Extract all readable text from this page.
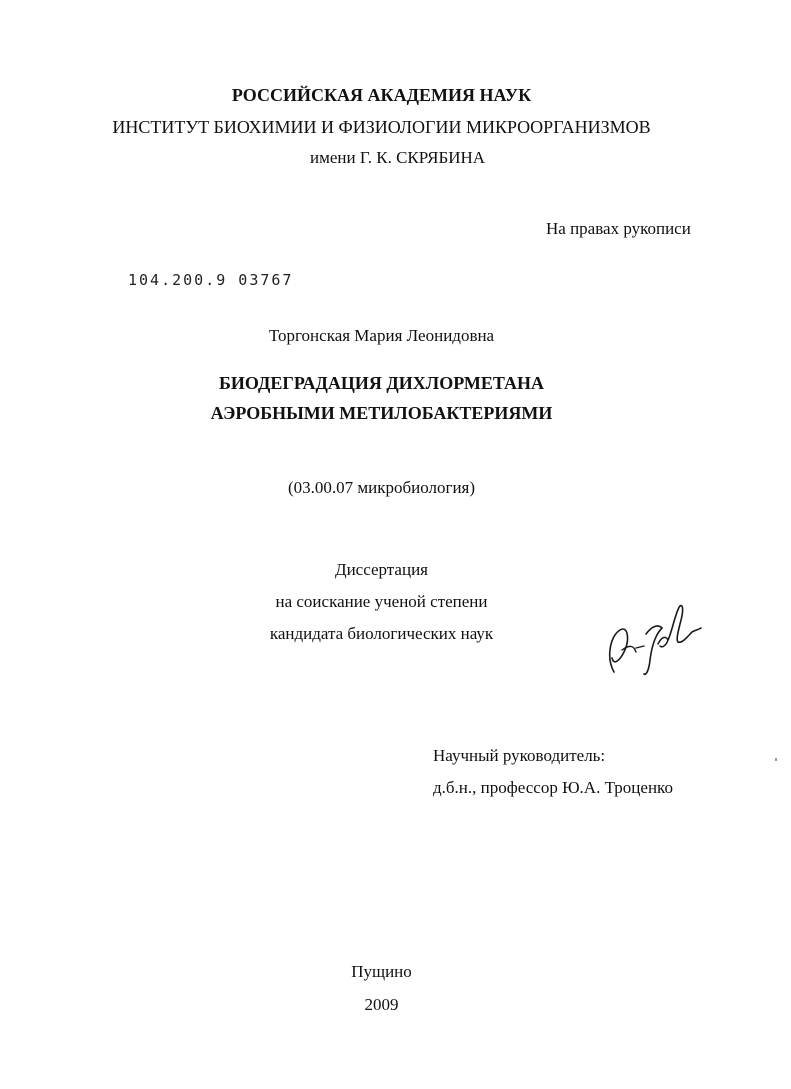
РОССИЙСКАЯ АКАДЕМИЯ НАУК
ИНСТИТУТ БИОХИМИИ И ФИЗИОЛОГИИ МИКРООРГАНИЗМОВ
имени Г. К. СКРЯБИНА
На правах рукописи
104.200.9 03767
Торгонская Мария Леонидовна
БИОДЕГРАДАЦИЯ ДИХЛОРМЕТАНА
АЭРОБНЫМИ МЕТИЛОБАКТЕРИЯМИ
(03.00.07 микробиология)
Диссертация
на соискание ученой степени
кандидата биологических наук
Научный руководитель:
д.б.н., профессор Ю.А. Троценко
Пущино
2009
